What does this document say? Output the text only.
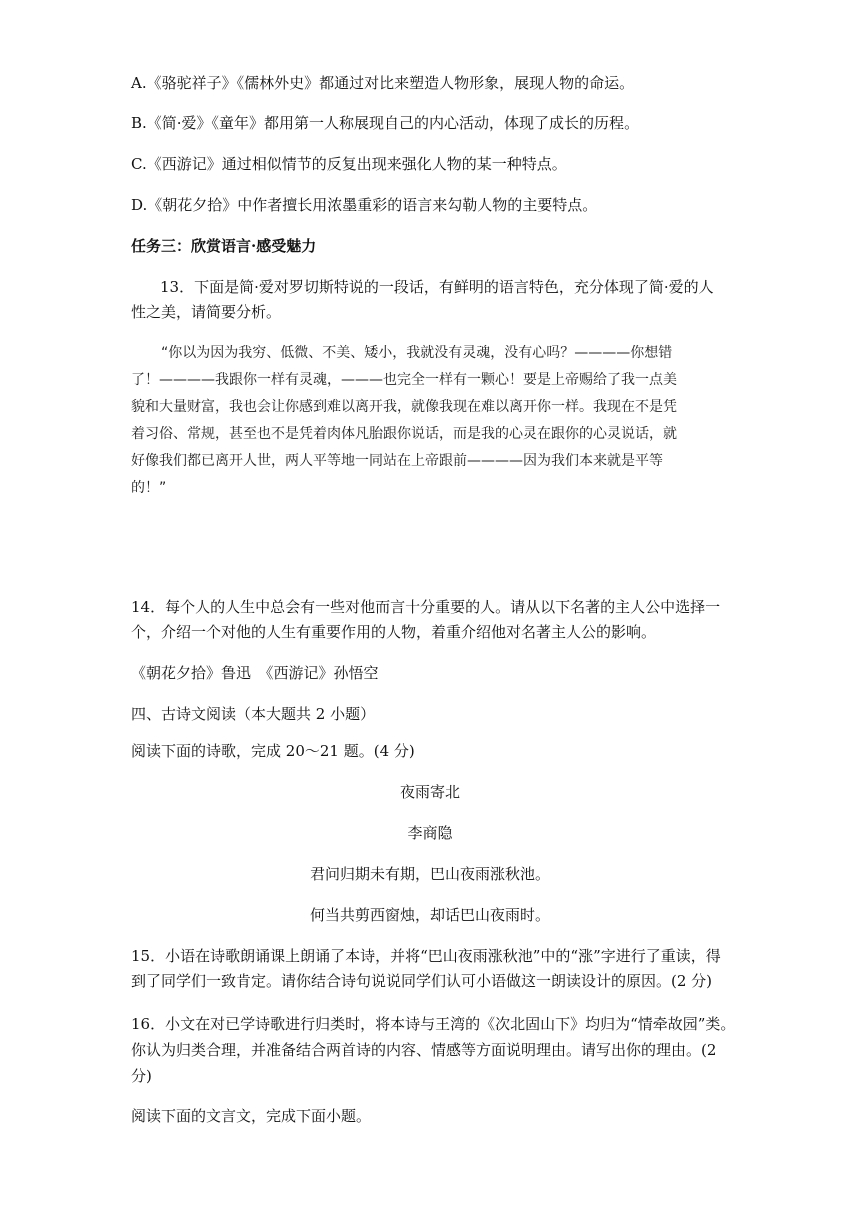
A.《骆驼祥子》《儒林外史》都通过对比来塑造人物形象，展现人物的命运。
B.《简·爱》《童年》都用第一人称展现自己的内心活动，体现了成长的历程。
C.《西游记》通过相似情节的反复出现来强化人物的某一种特点。
D.《朝花夕拾》中作者擅长用浓墨重彩的语言来勾勒人物的主要特点。
任务三：欣赏语言·感受魅力
13．下面是简·爱对罗切斯特说的一段话，有鲜明的语言特色，充分体现了简·爱的人
性之美，请简要分析。
“你以为因为我穷、低微、不美、矮小，我就没有灵魂，没有心吗？————你想错
了！————我跟你一样有灵魂，———也完全一样有一颗心！要是上帝赐给了我一点美
貌和大量财富，我也会让你感到难以离开我，就像我现在难以离开你一样。我现在不是凭
着习俗、常规，甚至也不是凭着肉体凡胎跟你说话，而是我的心灵在跟你的心灵说话，就
好像我们都已离开人世，两人平等地一同站在上帝跟前————因为我们本来就是平等
的！”
14．每个人的人生中总会有一些对他而言十分重要的人。请从以下名著的主人公中选择一
个，介绍一个对他的人生有重要作用的人物，着重介绍他对名著主人公的影响。
《朝花夕拾》鲁迅　《西游记》孙悟空
四、古诗文阅读（本大题共 2 小题）
阅读下面的诗歌，完成 20～21 题。(4 分)
夜雨寄北
李商隐
君问归期未有期，巴山夜雨涨秋池。
何当共剪西窗烛，却话巴山夜雨时。
15．小语在诗歌朗诵课上朗诵了本诗，并将“巴山夜雨涨秋池”中的“涨”字进行了重读，得
到了同学们一致肯定。请你结合诗句说说同学们认可小语做这一朗读设计的原因。(2 分)
16．小文在对已学诗歌进行归类时，将本诗与王湾的《次北固山下》均归为“情牵故园”类。
你认为归类合理，并准备结合两首诗的内容、情感等方面说明理由。请写出你的理由。(2
分)
阅读下面的文言文，完成下面小题。
